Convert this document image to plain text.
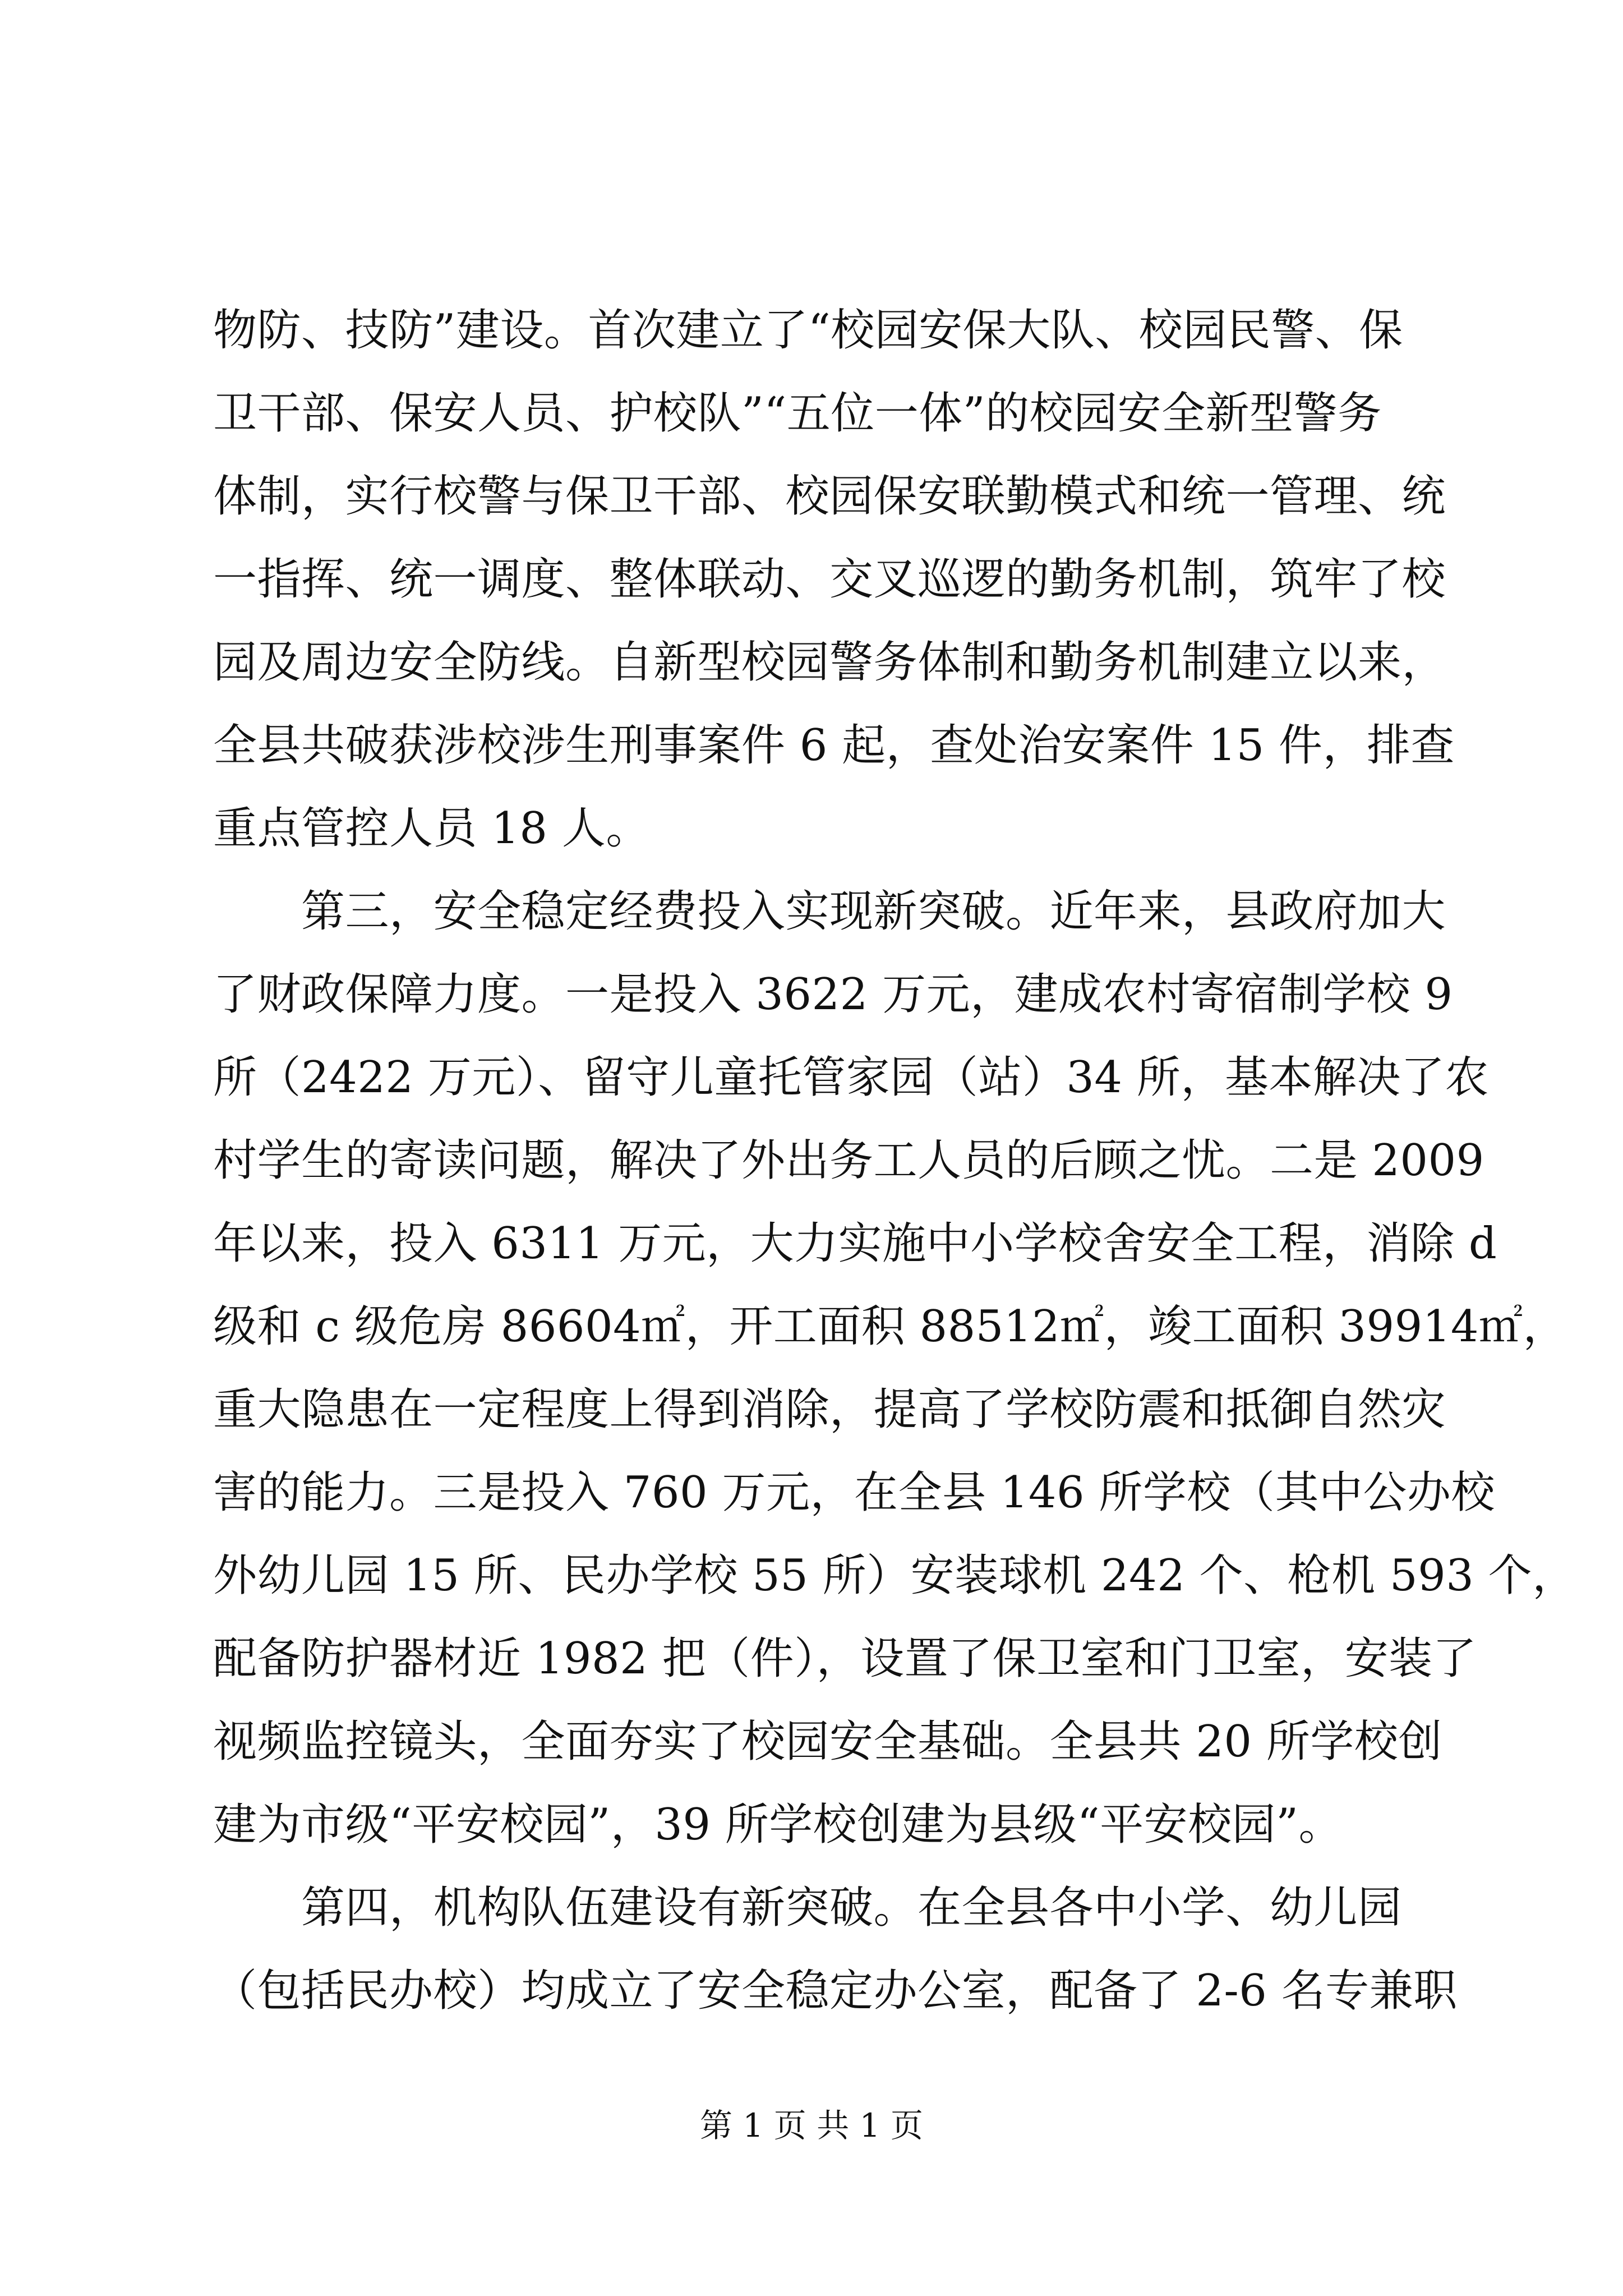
物防、技防”建设。首次建立了“校园安保大队、校园民警、保
卫干部、保安人员、护校队”“五位一体”的校园安全新型警务
体制，实行校警与保卫干部、校园保安联勤模式和统一管理、统
一指挥、统一调度、整体联动、交叉巡逻的勤务机制，筑牢了校
园及周边安全防线。自新型校园警务体制和勤务机制建立以来，
全县共破获涉校涉生刑事案件 6 起，查处治安案件 15 件，排查
重点管控人员 18 人。
　　第三，安全稳定经费投入实现新突破。近年来，县政府加大
了财政保障力度。一是投入 3622 万元，建成农村寄宿制学校 9
所（2422 万元）、留守儿童托管家园（站）34 所，基本解决了农
村学生的寄读问题，解决了外出务工人员的后顾之忧。二是 2009
年以来，投入 6311 万元，大力实施中小学校舍安全工程，消除 d
级和 c 级危房 86604㎡，开工面积 88512㎡，竣工面积 39914㎡，
重大隐患在一定程度上得到消除，提高了学校防震和抵御自然灾
害的能力。三是投入 760 万元，在全县 146 所学校（其中公办校
外幼儿园 15 所、民办学校 55 所）安装球机 242 个、枪机 593 个，
配备防护器材近 1982 把（件），设置了保卫室和门卫室，安装了
视频监控镜头，全面夯实了校园安全基础。全县共 20 所学校创
建为市级“平安校园”，39 所学校创建为县级“平安校园”。
　　第四，机构队伍建设有新突破。在全县各中小学、幼儿园
（包括民办校）均成立了安全稳定办公室，配备了 2-6 名专兼职
第 1 页 共 1 页
